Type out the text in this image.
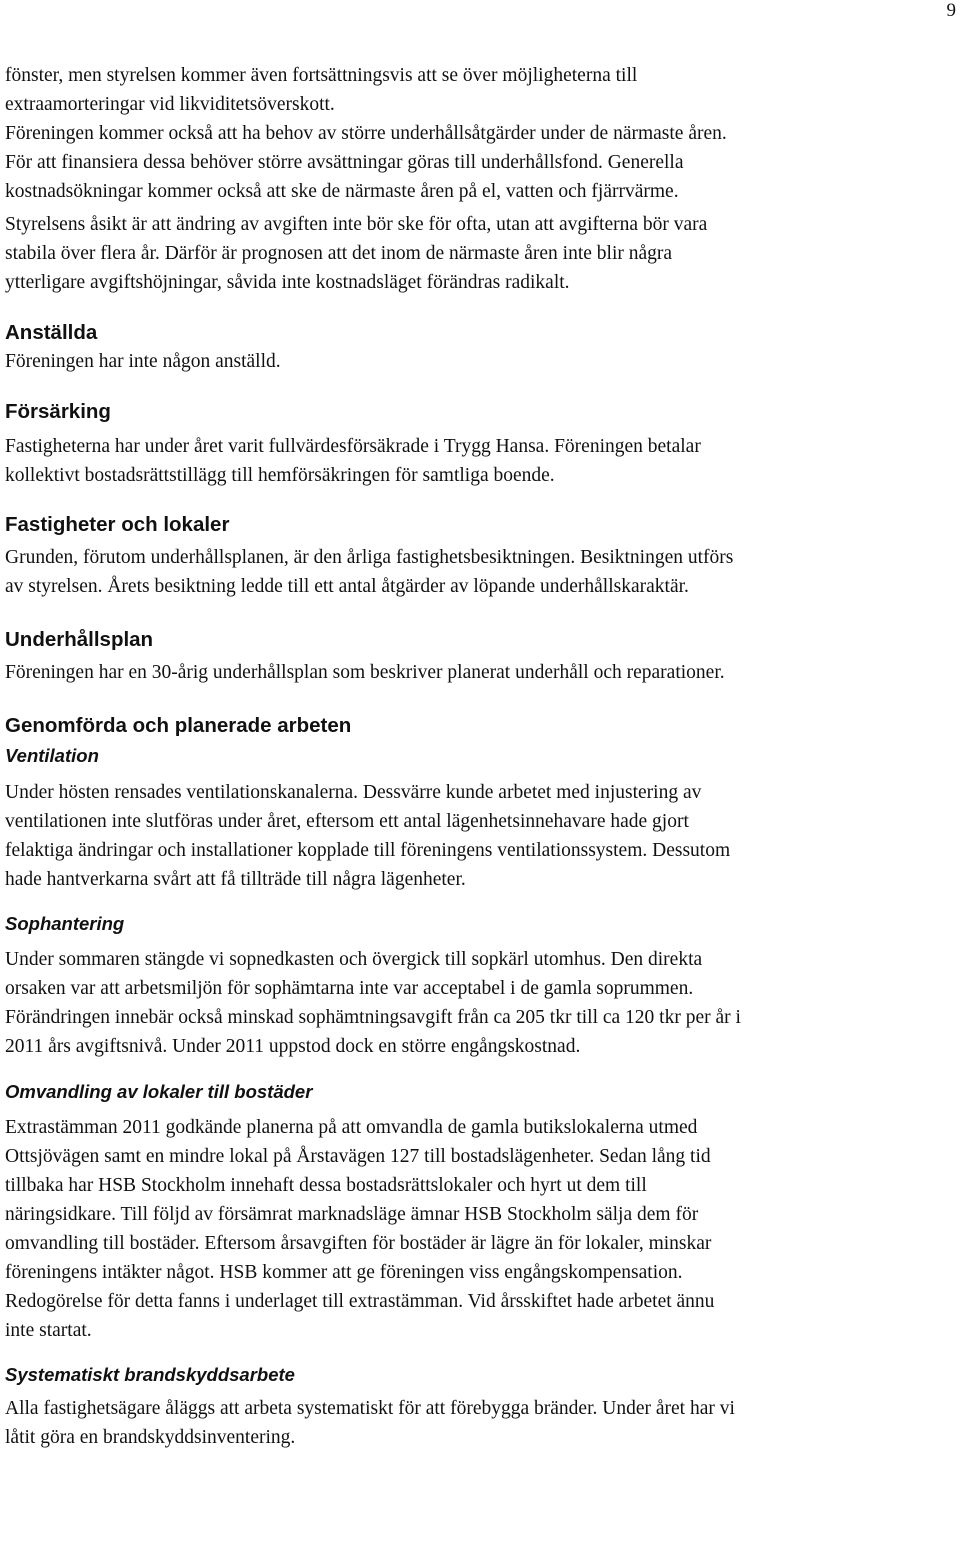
9

fönster, men styrelsen kommer även fortsättningsvis att se över möjligheterna till

extraamorteringar vid likviditetsöverskott.

Föreningen kommer också att ha behov av större underhållsåtgärder under de närmaste åren.

För att finansiera dessa behöver större avsättningar göras till underhållsfond. Generella

kostnadsökningar kommer också att ske de närmaste åren på el, vatten och fjärrvärme.

Styrelsens åsikt är att ändring av avgiften inte bör ske för ofta, utan att avgifterna bör vara

stabila över flera år. Därför är prognosen att det inom de närmaste åren inte blir några

ytterligare avgiftshöjningar, såvida inte kostnadsläget förändras radikalt.

Anställda

Föreningen har inte någon anställd.

Försärking

Fastigheterna har under året varit fullvärdesförsäkrade i Trygg Hansa. Föreningen betalar

kollektivt bostadsrättstillägg till hemförsäkringen för samtliga boende.

Fastigheter och lokaler

Grunden, förutom underhållsplanen, är den årliga fastighetsbesiktningen. Besiktningen utförs

av styrelsen. Årets besiktning ledde till ett antal åtgärder av löpande underhållskaraktär.

Underhållsplan

Föreningen har en 30-årig underhållsplan som beskriver planerat underhåll och reparationer.

Genomförda och planerade arbeten
Ventilation

Under hösten rensades ventilationskanalerna. Dessvärre kunde arbetet med injustering av

ventilationen inte slutföras under året, eftersom ett antal lägenhetsinnehavare hade gjort

felaktiga ändringar och installationer kopplade till föreningens ventilationssystem. Dessutom

hade hantverkarna svårt att få tillträde till några lägenheter.

Sophantering

Under sommaren stängde vi sopnedkasten och övergick till sopkärl utomhus. Den direkta

orsaken var att arbetsmiljön för sophämtarna inte var acceptabel i de gamla soprummen.

Förändringen innebär också minskad sophämtningsavgift från ca 205 tkr till ca 120 tkr per år i

2011 års avgiftsnivå. Under 2011 uppstod dock en större engångskostnad.

Omvandling av lokaler till bostäder

Extrastämman 2011 godkände planerna på att omvandla de gamla butikslokalerna utmed

Ottsjövägen samt en mindre lokal på Årstavägen 127 till bostadslägenheter. Sedan lång tid

tillbaka har HSB Stockholm innehaft dessa bostadsrättslokaler och hyrt ut dem till

näringsidkare. Till följd av försämrat marknadsläge ämnar HSB Stockholm sälja dem för

omvandling till bostäder. Eftersom årsavgiften för bostäder är lägre än för lokaler, minskar

föreningens intäkter något. HSB kommer att ge föreningen viss engångskompensation.

Redogörelse för detta fanns i underlaget till extrastämman. Vid årsskiftet hade arbetet ännu

inte startat.

Systematiskt brandskyddsarbete

Alla fastighetsägare åläggs att arbeta systematiskt för att förebygga bränder. Under året har vi

låtit göra en brandskyddsinventering.
